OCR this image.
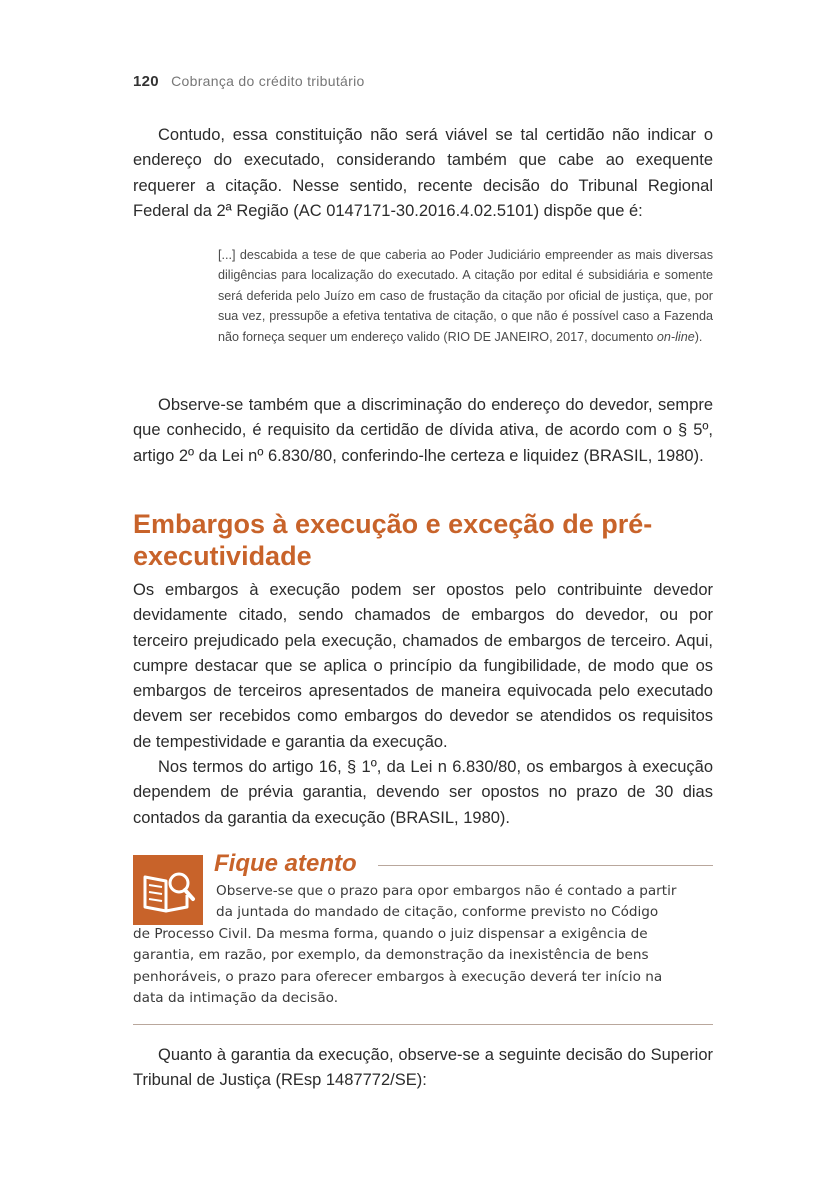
120 Cobrança do crédito tributário

Contudo, essa constituição não será viável se tal certidão não indicar o endereço do executado, considerando também que cabe ao exequente requerer a citação. Nesse sentido, recente decisão do Tribunal Regional Federal da 2ª Região (AC 0147171-30.2016.4.02.5101) dispõe que é:

[...] descabida a tese de que caberia ao Poder Judiciário empreender as mais diversas diligências para localização do executado. A citação por edital é subsidiária e somente será deferida pelo Juízo em caso de frustação da citação por oficial de justiça, que, por sua vez, pressupõe a efetiva tentativa de citação, o que não é possível caso a Fazenda não forneça sequer um endereço valido (RIO DE JANEIRO, 2017, documento on-line).

Observe-se também que a discriminação do endereço do devedor, sempre que conhecido, é requisito da certidão de dívida ativa, de acordo com o § 5º, artigo 2º da Lei nº 6.830/80, conferindo-lhe certeza e liquidez (BRASIL, 1980).

Embargos à execução e exceção de pré-executividade

Os embargos à execução podem ser opostos pelo contribuinte devedor devidamente citado, sendo chamados de embargos do devedor, ou por terceiro prejudicado pela execução, chamados de embargos de terceiro. Aqui, cumpre destacar que se aplica o princípio da fungibilidade, de modo que os embargos de terceiros apresentados de maneira equivocada pelo executado devem ser recebidos como embargos do devedor se atendidos os requisitos de tempestividade e garantia da execução.

Nos termos do artigo 16, § 1º, da Lei n 6.830/80, os embargos à execução dependem de prévia garantia, devendo ser opostos no prazo de 30 dias contados da garantia da execução (BRASIL, 1980).

Fique atento
Observe-se que o prazo para opor embargos não é contado a partir
da juntada do mandado de citação, conforme previsto no Código
de Processo Civil. Da mesma forma, quando o juiz dispensar a exigência de
garantia, em razão, por exemplo, da demonstração da inexistência de bens
penhoráveis, o prazo para oferecer embargos à execução deverá ter início na
data da intimação da decisão.

Quanto à garantia da execução, observe-se a seguinte decisão do Superior Tribunal de Justiça (REsp 1487772/SE):
